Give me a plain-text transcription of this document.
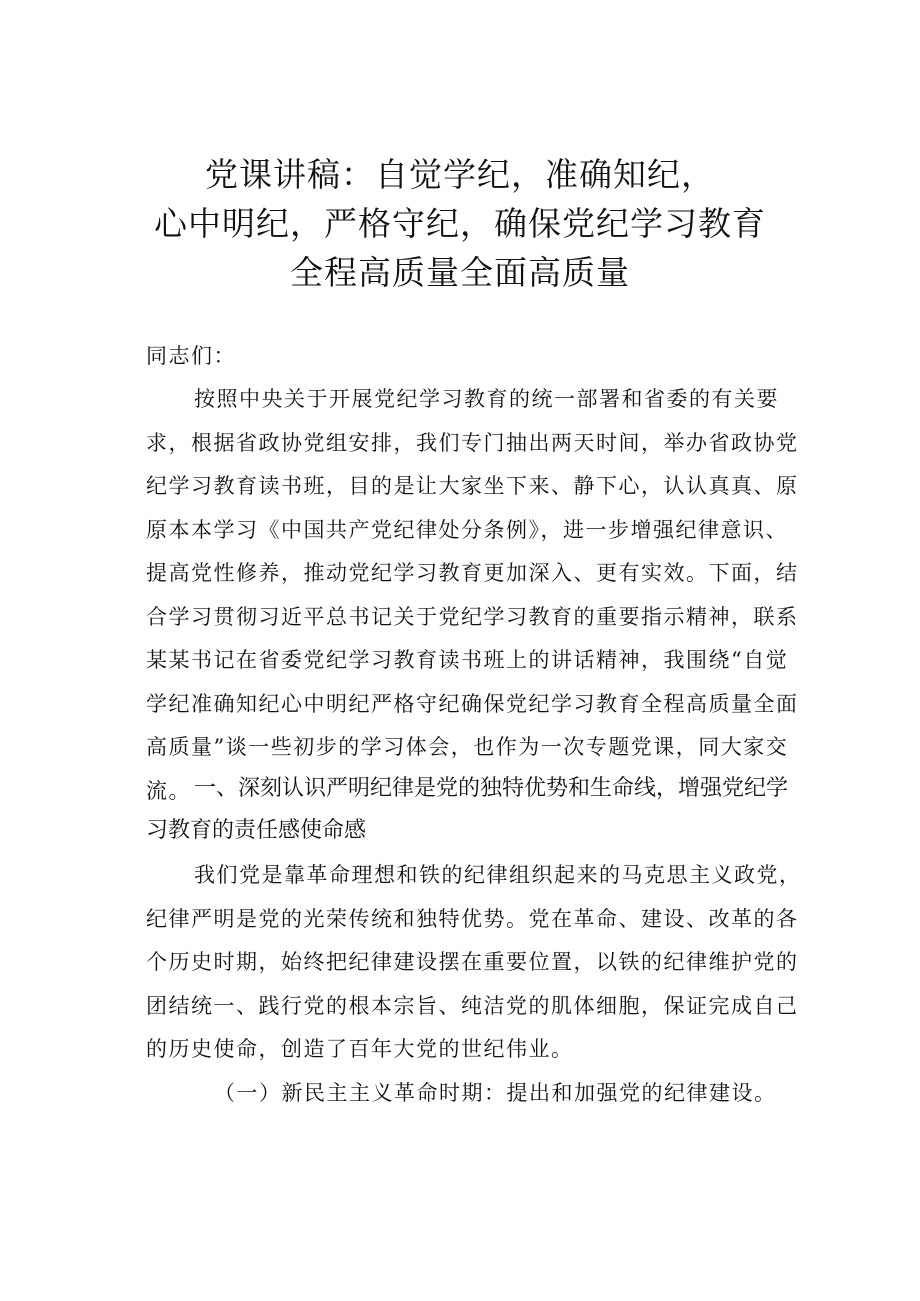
党课讲稿：自觉学纪，准确知纪，
心中明纪，严格守纪，确保党纪学习教育
全程高质量全面高质量

同志们：

按照中央关于开展党纪学习教育的统一部署和省委的有关要求，根据省政协党组安排，我们专门抽出两天时间，举办省政协党纪学习教育读书班，目的是让大家坐下来、静下心，认认真真、原原本本学习《中国共产党纪律处分条例》，进一步增强纪律意识、提高党性修养，推动党纪学习教育更加深入、更有实效。下面，结合学习贯彻习近平总书记关于党纪学习教育的重要指示精神，联系某某书记在省委党纪学习教育读书班上的讲话精神，我围绕“自觉学纪准确知纪心中明纪严格守纪确保党纪学习教育全程高质量全面高质量”谈一些初步的学习体会，也作为一次专题党课，同大家交流。 一、深刻认识严明纪律是党的独特优势和生命线，增强党纪学习教育的责任感使命感

我们党是靠革命理想和铁的纪律组织起来的马克思主义政党，纪律严明是党的光荣传统和独特优势。党在革命、建设、改革的各个历史时期，始终把纪律建设摆在重要位置，以铁的纪律维护党的团结统一、践行党的根本宗旨、纯洁党的肌体细胞，保证完成自己的历史使命，创造了百年大党的世纪伟业。

（一）新民主主义革命时期：提出和加强党的纪律建设。
